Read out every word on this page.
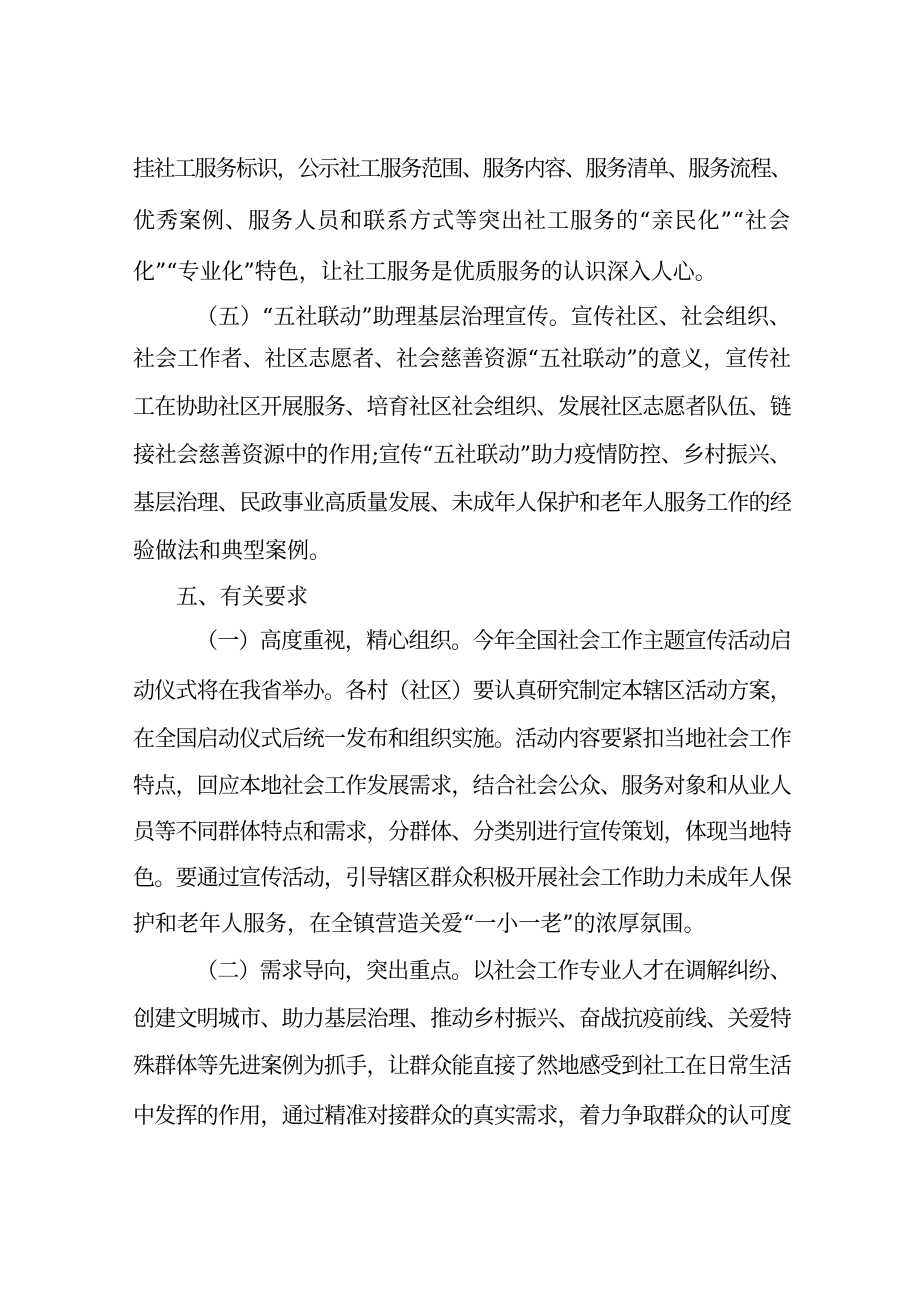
挂社工服务标识，公示社工服务范围、服务内容、服务清单、服务流程、
优秀案例、服务人员和联系方式等突出社工服务的“亲民化”“社会
化”“专业化”特色，让社工服务是优质服务的认识深入人心。
（五）“五社联动”助理基层治理宣传。宣传社区、社会组织、
社会工作者、社区志愿者、社会慈善资源“五社联动”的意义，宣传社
工在协助社区开展服务、培育社区社会组织、发展社区志愿者队伍、链
接社会慈善资源中的作用;宣传“五社联动”助力疫情防控、乡村振兴、
基层治理、民政事业高质量发展、未成年人保护和老年人服务工作的经
验做法和典型案例。
五、有关要求
（一）高度重视，精心组织。今年全国社会工作主题宣传活动启
动仪式将在我省举办。各村（社区）要认真研究制定本辖区活动方案，
在全国启动仪式后统一发布和组织实施。活动内容要紧扣当地社会工作
特点，回应本地社会工作发展需求，结合社会公众、服务对象和从业人
员等不同群体特点和需求，分群体、分类别进行宣传策划，体现当地特
色。要通过宣传活动，引导辖区群众积极开展社会工作助力未成年人保
护和老年人服务，在全镇营造关爱“一小一老”的浓厚氛围。
（二）需求导向，突出重点。以社会工作专业人才在调解纠纷、
创建文明城市、助力基层治理、推动乡村振兴、奋战抗疫前线、关爱特
殊群体等先进案例为抓手，让群众能直接了然地感受到社工在日常生活
中发挥的作用，通过精准对接群众的真实需求，着力争取群众的认可度
